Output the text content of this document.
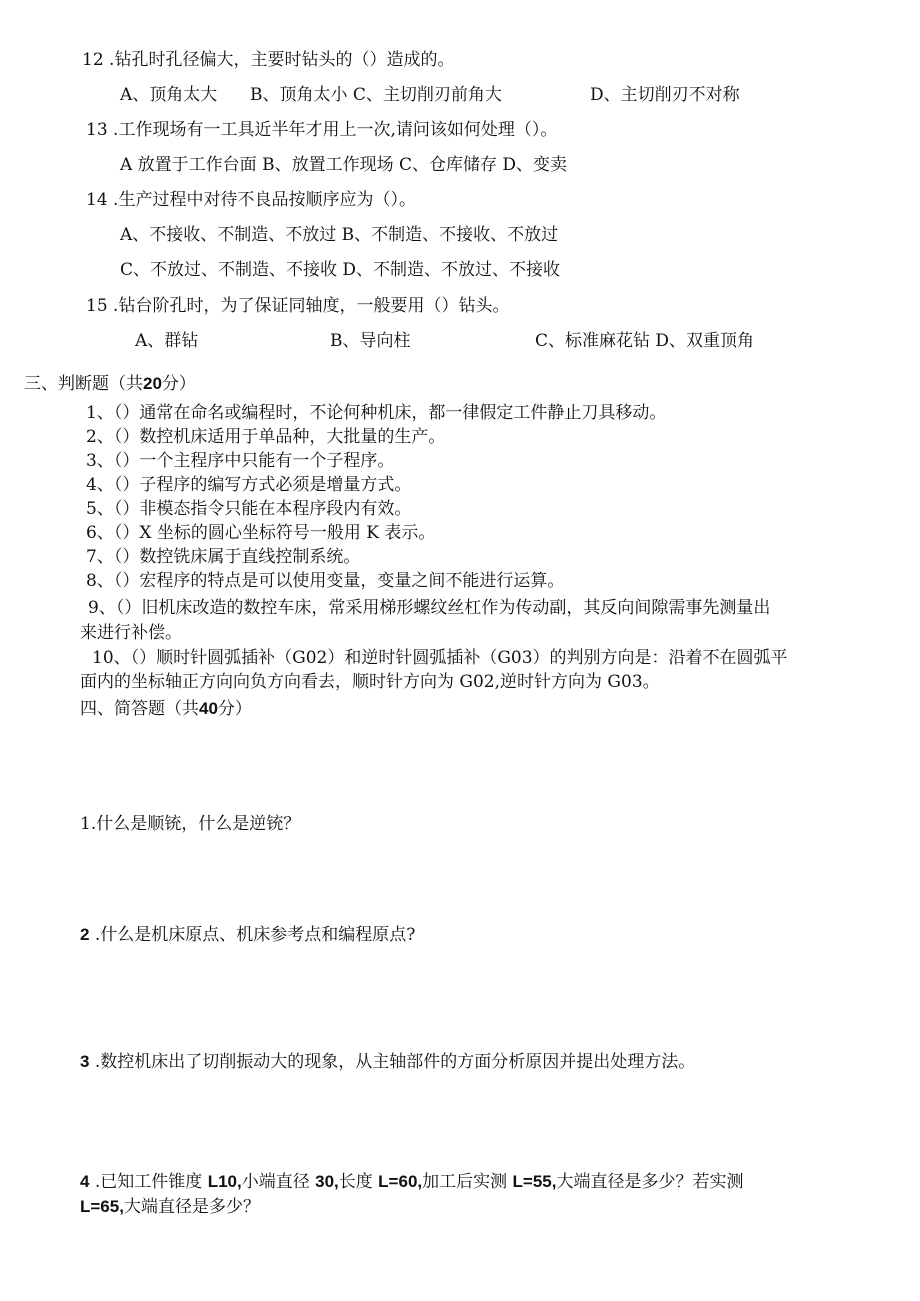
12 .钻孔时孔径偏大，主要时钻头的（）造成的。
A、顶角太大 B、顶角太小 C、主切削刃前角大	D、主切削刃不对称
13 .工作现场有一工具近半年才用上一次,请问该如何处理（）。
A 放置于工作台面 B、放置工作现场 C、仓库储存 D、变卖
14 .生产过程中对待不良品按顺序应为（）。
A、不接收、不制造、不放过 B、不制造、不接收、不放过
C、不放过、不制造、不接收 D、不制造、不放过、不接收
15 .钻台阶孔时，为了保证同轴度，一般要用（）钻头。
A、群钻	B、导向柱	C、标准麻花钻 D、双重顶角
三、判断题（共20分）
1、（）通常在命名或编程时，不论何种机床，都一律假定工件静止刀具移动。
2、（）数控机床适用于单品种，大批量的生产。
3、（）一个主程序中只能有一个子程序。
4、（）子程序的编写方式必须是增量方式。
5、（）非模态指令只能在本程序段内有效。
6、（）X 坐标的圆心坐标符号一般用 K 表示。
7、（）数控铣床属于直线控制系统。
8、（）宏程序的特点是可以使用变量，变量之间不能进行运算。
9、（）旧机床改造的数控车床，常采用梯形螺纹丝杠作为传动副，其反向间隙需事先测量出
来进行补偿。
10、（）顺时针圆弧插补（G02）和逆时针圆弧插补（G03）的判别方向是：沿着不在圆弧平
面内的坐标轴正方向向负方向看去，顺时针方向为 G02,逆时针方向为 G03。
四、简答题（共40分）
1.什么是顺铳，什么是逆铳？
2 .什么是机床原点、机床参考点和编程原点?
3 .数控机床出了切削振动大的现象，从主轴部件的方面分析原因并提出处理方法。
4 .已知工件锥度 L10,小端直径 30,长度 L=60,加工后实测 L=55,大端直径是多少？若实测
L=65,大端直径是多少？
